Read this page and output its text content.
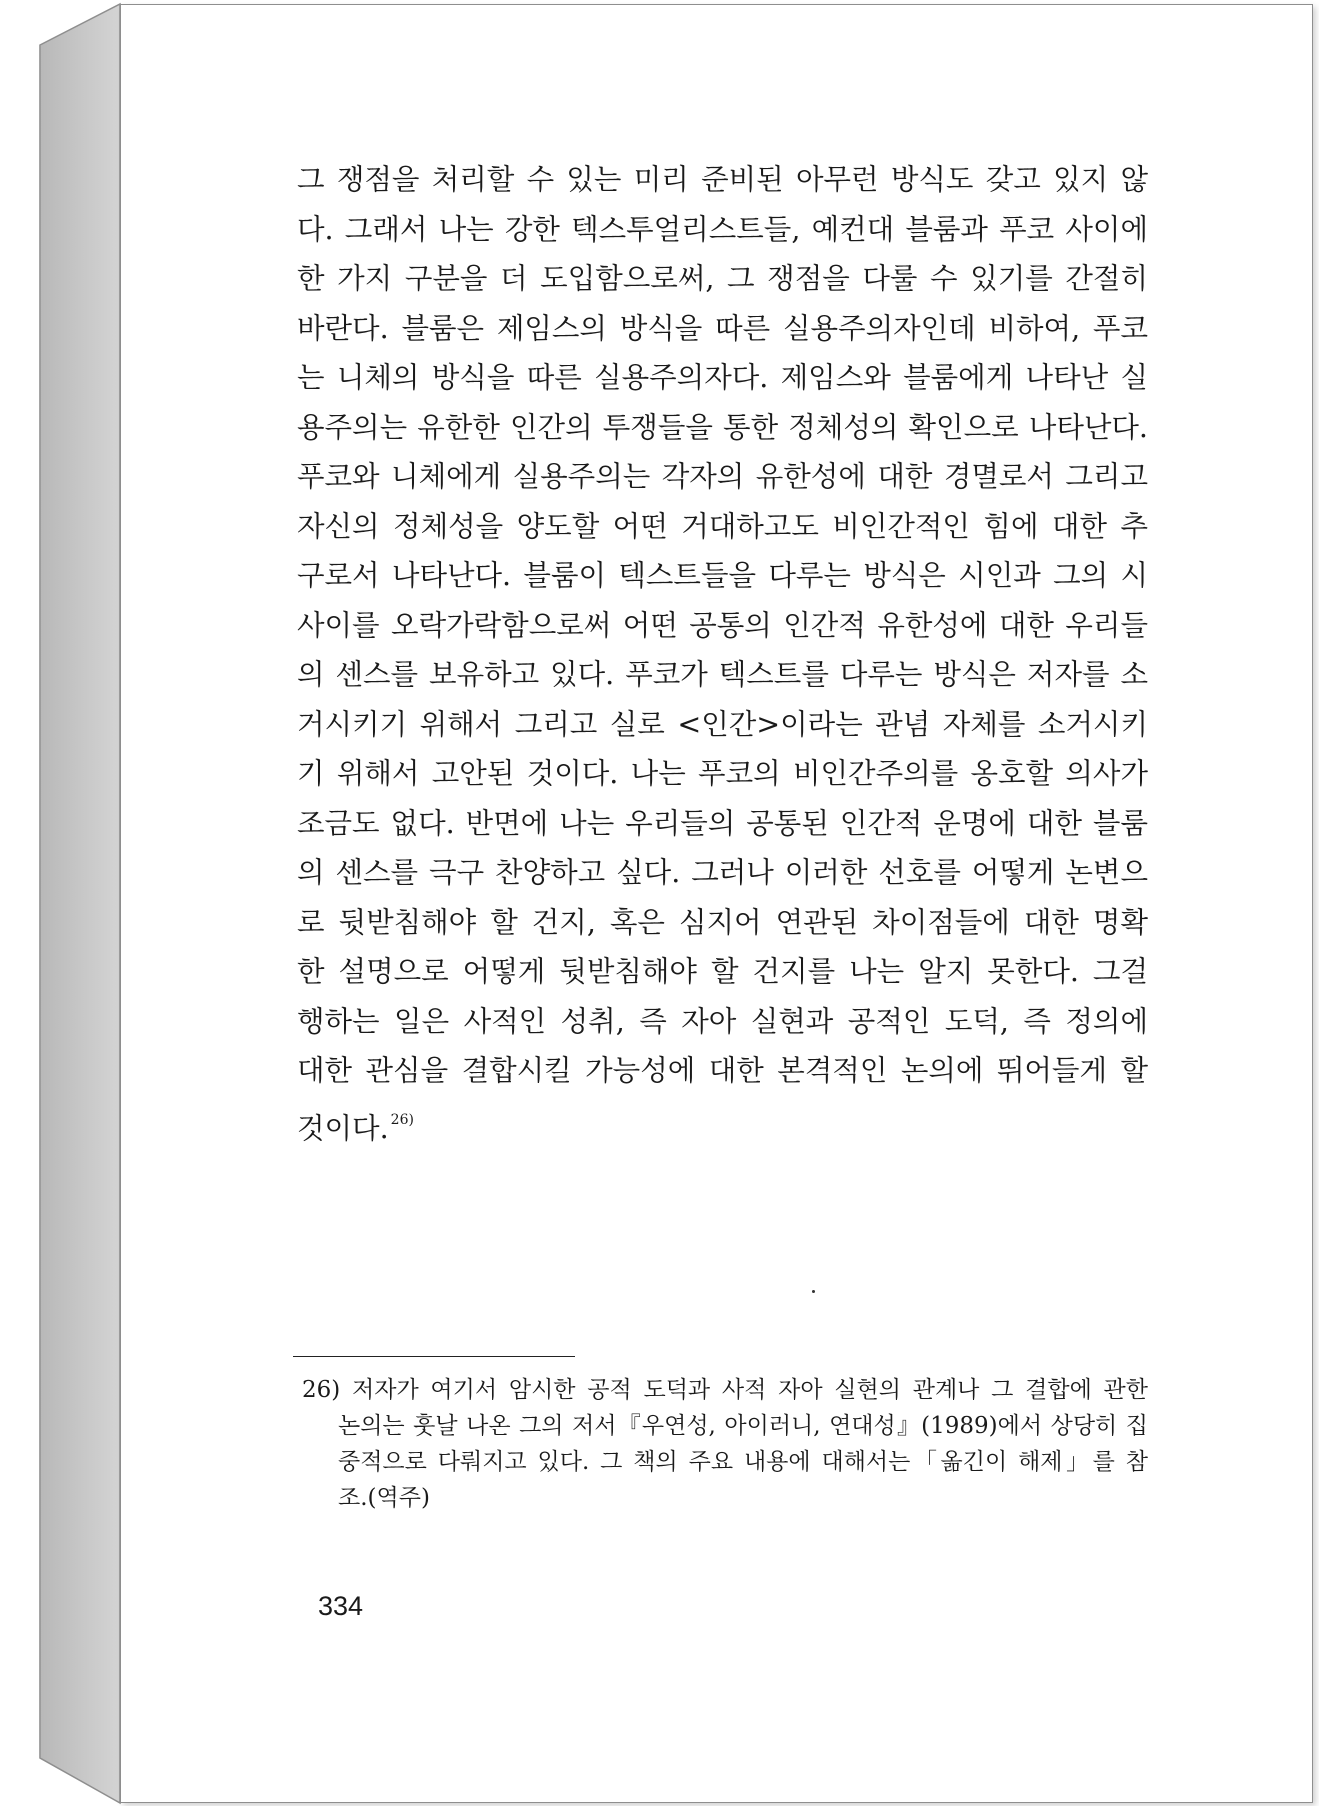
그 쟁점을 처리할 수 있는 미리 준비된 아무런 방식도 갖고 있지 않
다. 그래서 나는 강한 텍스투얼리스트들, 예컨대 블룸과 푸코 사이에
한 가지 구분을 더 도입함으로써, 그 쟁점을 다룰 수 있기를 간절히
바란다. 블룸은 제임스의 방식을 따른 실용주의자인데 비하여, 푸코
는 니체의 방식을 따른 실용주의자다. 제임스와 블룸에게 나타난 실
용주의는 유한한 인간의 투쟁들을 통한 정체성의 확인으로 나타난다.
푸코와 니체에게 실용주의는 각자의 유한성에 대한 경멸로서 그리고
자신의 정체성을 양도할 어떤 거대하고도 비인간적인 힘에 대한 추
구로서 나타난다. 블룸이 텍스트들을 다루는 방식은 시인과 그의 시
사이를 오락가락함으로써 어떤 공통의 인간적 유한성에 대한 우리들
의 센스를 보유하고 있다. 푸코가 텍스트를 다루는 방식은 저자를 소
거시키기 위해서 그리고 실로 <인간>이라는 관념 자체를 소거시키
기 위해서 고안된 것이다. 나는 푸코의 비인간주의를 옹호할 의사가
조금도 없다. 반면에 나는 우리들의 공통된 인간적 운명에 대한 블룸
의 센스를 극구 찬양하고 싶다. 그러나 이러한 선호를 어떻게 논변으
로 뒷받침해야 할 건지, 혹은 심지어 연관된 차이점들에 대한 명확
한 설명으로 어떻게 뒷받침해야 할 건지를 나는 알지 못한다. 그걸
행하는 일은 사적인 성취, 즉 자아 실현과 공적인 도덕, 즉 정의에
대한 관심을 결합시킬 가능성에 대한 본격적인 논의에 뛰어들게 할
것이다. $^{26)}$
26) 저자가 여기서 암시한 공적 도덕과 사적 자아 실현의 관계나 그 결합에 관한
논의는 훗날 나온 그의 저서『우연성, 아이러니, 연대성』(1989)에서 상당히 집
중적으로 다뤄지고 있다. 그 책의 주요 내용에 대해서는「옮긴이 해제」를 참
조.(역주)
334
